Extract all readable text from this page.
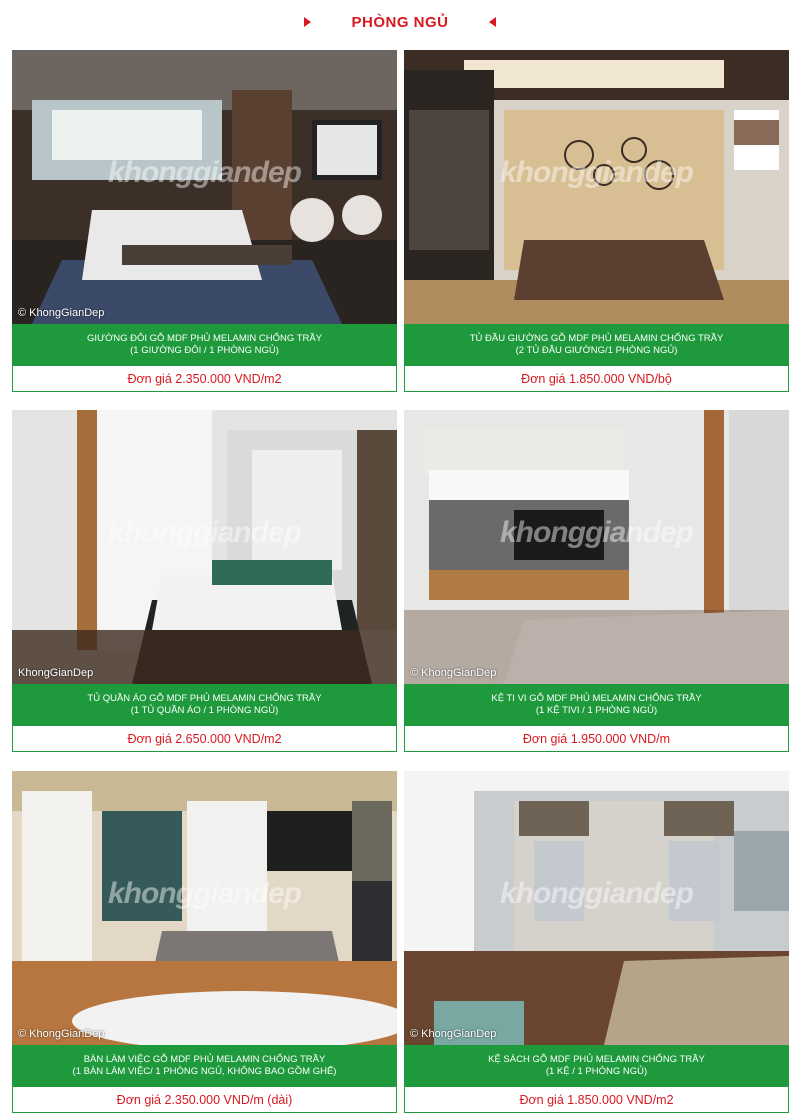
PHÒNG NGỦ
khonggiandep
© KhongGianDep
GIƯỜNG ĐÔI GỖ MDF PHỦ MELAMIN CHỐNG TRẦY
(1 GIƯỜNG ĐÔI / 1 PHÒNG NGỦ)
Đơn giá 2.350.000 VND/m2
khonggiandep
TỦ ĐẦU GIƯỜNG GỖ MDF PHỦ MELAMIN CHỐNG TRẦY
(2 TỦ ĐẦU GIƯỜNG/1 PHÒNG NGỦ)
Đơn giá 1.850.000 VND/bộ
khonggiandep
KhongGianDep
TỦ QUẦN ÁO GỖ MDF PHỦ MELAMIN CHỐNG TRẦY
(1 TỦ QUẦN ÁO / 1 PHÒNG NGỦ)
Đơn giá 2.650.000 VND/m2
khonggiandep
© KhongGianDep
KỆ TI VI GỖ MDF PHỦ MELAMIN CHỐNG TRẦY
(1 KỆ TIVI / 1 PHÒNG NGỦ)
Đơn giá 1.950.000 VND/m
khonggiandep
© KhongGianDep
BÀN LÀM VIỆC GỖ MDF PHỦ MELAMIN CHỐNG TRẦY
(1 BÀN LÀM VIỆC/ 1 PHÒNG NGỦ, KHÔNG BAO GỒM GHẾ)
Đơn giá 2.350.000 VND/m (dài)
khonggiandep
© KhongGianDep
KỆ SÁCH GỖ MDF PHỦ MELAMIN CHỐNG TRẦY
(1 KỆ / 1 PHÒNG NGỦ)
Đơn giá 1.850.000 VND/m2
